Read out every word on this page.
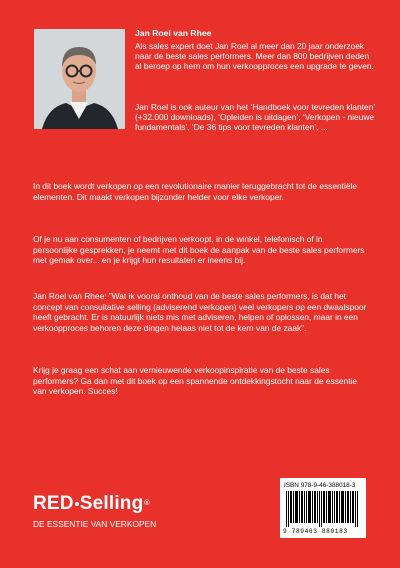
Jan Roel van Rhee

Als sales expert doet Jan Roel al meer dan 20 jaar onderzoek naar de beste sales performers. Meer dan 800 bedrijven deden al beroep op hem om hun verkoopproces een upgrade te geven.

Jan Roel is ook auteur van het ‘Handboek voor tevreden klanten’ (+32.000 downloads), ‘Opleiden is uitdagen’, ‘Verkopen - nieuwe fundamentals’, ‘De 36 tips voor tevreden klanten’, ...

In dit boek wordt verkopen op een revolutionaire manier teruggebracht tot de essentiële elementen. Dit maakt verkopen bijzonder helder voor elke verkoper.

Of je nu aan consumenten of bedrijven verkoopt, in de winkel, telefonisch of in persoonlijke gesprekken, je neemt met dit boek de aanpak van de beste sales performers met gemak over... en je krijgt hun resultaten er ineens bij.

Jan Roel van Rhee: ”Wat ik vooral onthoud van de beste sales performers, is dat het concept van consultative selling (adviserend verkopen) veel verkopers op een dwaalspoor heeft gebracht. Er is natuurlijk niets mis met adviseren, helpen of oplossen, maar in een verkoopproces behoren deze dingen helaas niet tot de kern van de zaak”.

Krijg je graag een schat aan vernieuwende verkoopinspiratie van de beste sales performers? Ga dan met dit boek op een spannende ontdekkingstocht naar de essentie van verkopen. Succes!

RED Selling®
DE ESSENTIE VAN VERKOPEN
ISBN 978-9-46-388018-3
9 789463 880183
